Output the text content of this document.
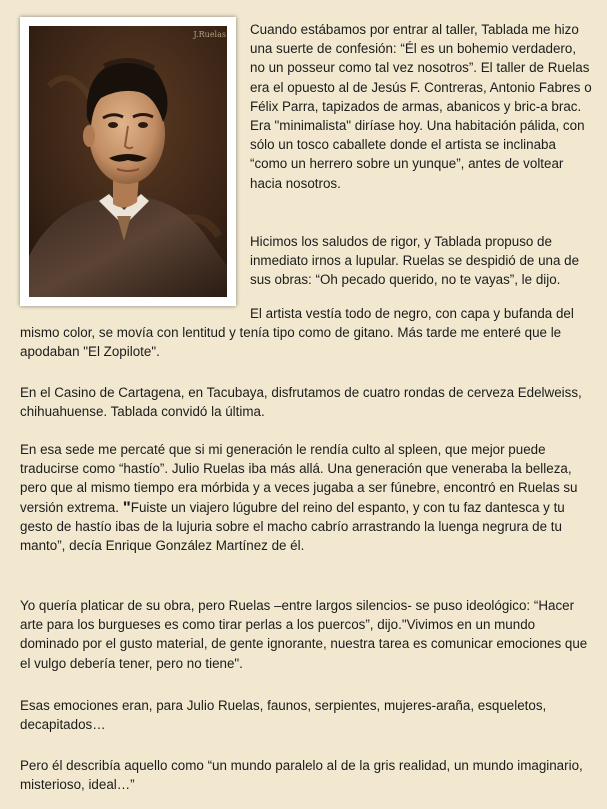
J.Ruelas Cuando estábamos por entrar al taller, Tablada me hizo una suerte de confesión: “Él es un bohemio verdadero, no un posseur como tal vez nosotros”. El taller de Ruelas era el opuesto al de Jesús F. Contreras, Antonio Fabres o Félix Parra, tapizados de armas, abanicos y bric-a brac. Era "minimalista" diríase hoy. Una habitación pálida, con sólo un tosco caballete donde el artista se inclinaba “como un herrero sobre un yunque”, antes de voltear hacia nosotros.

Hicimos los saludos de rigor, y Tablada propuso de inmediato irnos a lupular. Ruelas se despidió de una de sus obras: “Oh pecado querido, no te vayas”, le dijo.

El artista vestía todo de negro, con capa y bufanda del mismo color, se movía con lentitud y tenía tipo como de gitano. Más tarde me enteré que le apodaban "El Zopilote".

En el Casino de Cartagena, en Tacubaya, disfrutamos de cuatro rondas de cerveza Edelweiss, chihuahuense. Tablada convidó la última.

En esa sede me percaté que si mi generación le rendía culto al spleen, que mejor puede traducirse como “hastío”. Julio Ruelas iba más allá. Una generación que veneraba la belleza, pero que al mismo tiempo era mórbida y a veces jugaba a ser fúnebre, encontró en Ruelas su versión extrema. "Fuiste un viajero lúgubre del reino del espanto, y con tu faz dantesca y tu gesto de hastío ibas de la lujuria sobre el macho cabrío arrastrando la luenga negrura de tu manto”, decía Enrique González Martínez de él.

Yo quería platicar de su obra, pero Ruelas –entre largos silencios- se puso ideológico: “Hacer arte para los burgueses es como tirar perlas a los puercos”, dijo."Vivimos en un mundo dominado por el gusto material, de gente ignorante, nuestra tarea es comunicar emociones que el vulgo debería tener, pero no tiene".

Esas emociones eran, para Julio Ruelas, faunos, serpientes, mujeres-araña, esqueletos, decapitados…

Pero él describía aquello como “un mundo paralelo al de la gris realidad, un mundo imaginario, misterioso, ideal…”
